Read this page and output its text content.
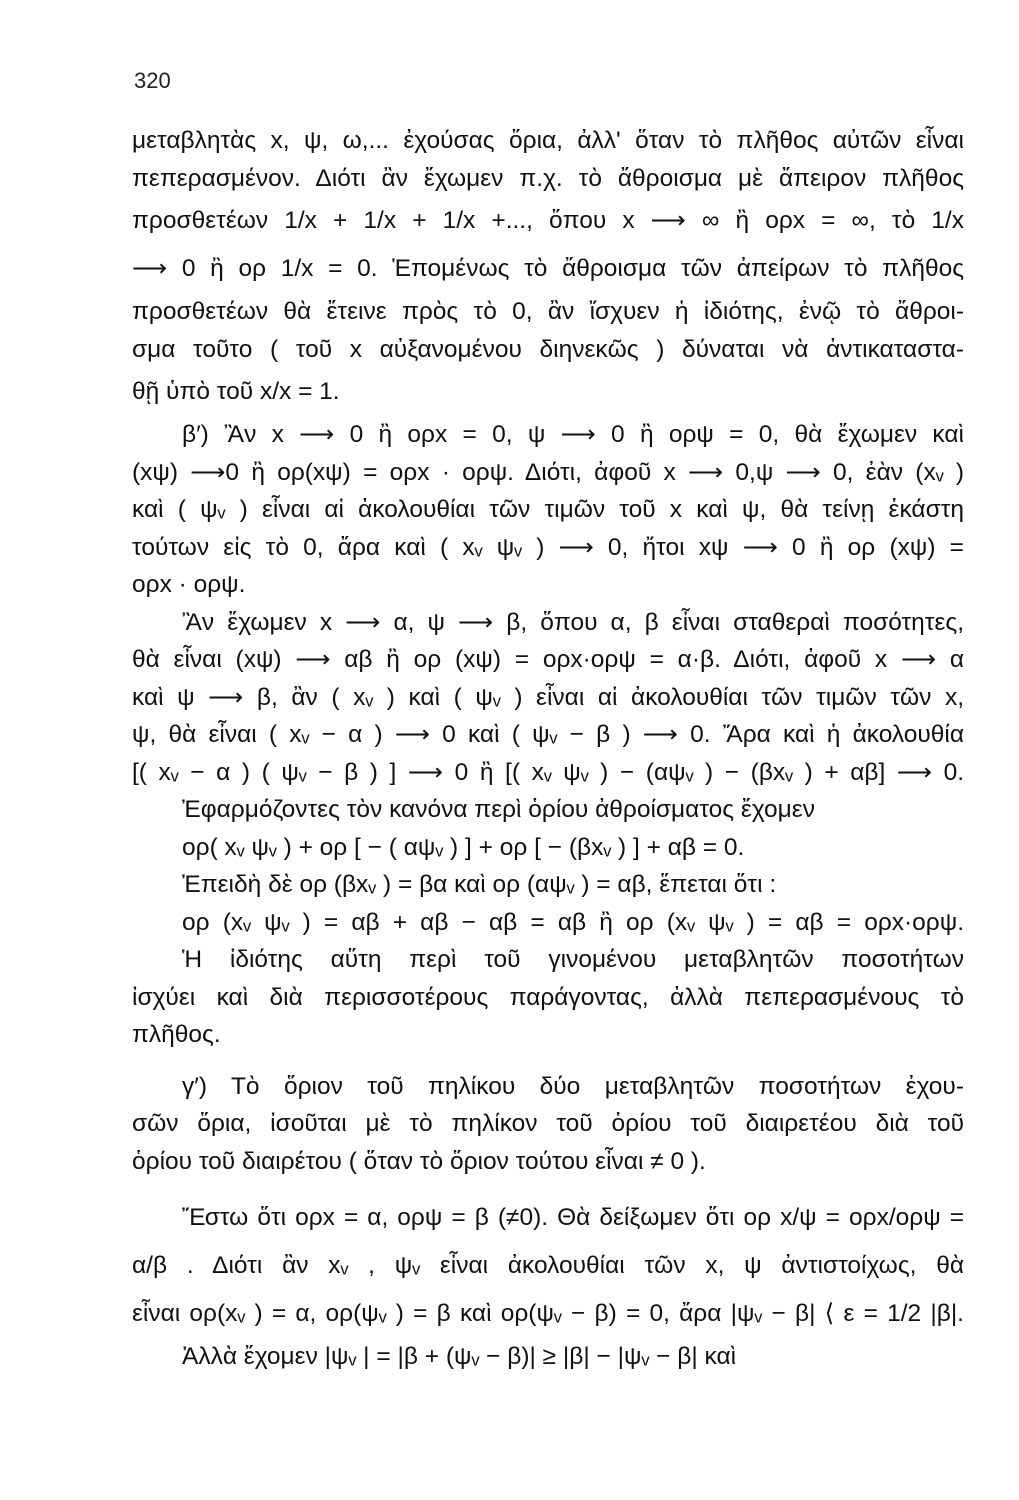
320
μεταβλητὰς x, ψ, ω,... ἐχούσας ὅρια, ἀλλ' ὅταν τὸ πλῆθος αὐτῶν εἶναι
πεπερασμένον. Διότι ἂν ἔχωμεν π.χ. τὸ ἄθροισμα μὲ ἄπειρον πλῆθος
προσθετέων 1/x + 1/x + 1/x +..., ὅπου x ⟶ ∞ ἢ ορx = ∞, τὸ 1/x
⟶ 0 ἢ ορ 1/x = 0. Ἑπομένως τὸ ἄθροισμα τῶν ἀπείρων τὸ πλῆθος
προσθετέων θὰ ἔτεινε πρὸς τὸ 0, ἂν ἴσχυεν ἡ ἰδιότης, ἐνῷ τὸ ἄθροι-
σμα τοῦτο ( τοῦ x αὐξανομένου διηνεκῶς ) δύναται νὰ ἀντικαταστα-
θῇ ὑπὸ τοῦ x/x = 1.
β′) Ἂν x ⟶ 0 ἢ ορx = 0, ψ ⟶ 0 ἢ ορψ = 0, θὰ ἔχωμεν καὶ
(xψ) ⟶0 ἢ ορ(xψ) = ορx · ορψ. Διότι, ἀφοῦ x ⟶ 0,ψ ⟶ 0, ἐὰν (xᵥ )
καὶ ( ψᵥ ) εἶναι αἱ ἀκολουθίαι τῶν τιμῶν τοῦ x καὶ ψ, θὰ τείνῃ ἑκάστη
τούτων εἰς τὸ 0, ἄρα καὶ ( xᵥ ψᵥ ) ⟶ 0, ἤτοι xψ ⟶ 0 ἢ ορ (xψ) =
ορx · ορψ.
Ἂν ἔχωμεν x ⟶ α, ψ ⟶ β, ὅπου α, β εἶναι σταθεραὶ ποσότητες,
θὰ εἶναι (xψ) ⟶ αβ ἢ ορ (xψ) = ορx·ορψ = α·β. Διότι, ἀφοῦ x ⟶ α
καὶ ψ ⟶ β, ἂν ( xᵥ ) καὶ ( ψᵥ ) εἶναι αἱ ἀκολουθίαι τῶν τιμῶν τῶν x,
ψ, θὰ εἶναι ( xᵥ − α ) ⟶ 0 καὶ ( ψᵥ − β ) ⟶ 0. Ἄρα καὶ ἡ ἀκολουθία
[( xᵥ − α ) ( ψᵥ − β ) ] ⟶ 0 ἢ [( xᵥ ψᵥ ) − (αψᵥ ) − (βxᵥ ) + αβ] ⟶ 0.
Ἐφαρμόζοντες τὸν κανόνα περὶ ὁρίου ἀθροίσματος ἔχομεν
ορ( xᵥ ψᵥ ) + ορ [ − ( αψᵥ ) ] + ορ [ − (βxᵥ ) ] + αβ = 0.
Ἐπειδὴ δὲ ορ (βxᵥ ) = βα καὶ ορ (αψᵥ ) = αβ, ἕπεται ὅτι :
ορ (xᵥ ψᵥ ) = αβ + αβ − αβ = αβ ἢ ορ (xᵥ ψᵥ ) = αβ = ορx·ορψ.
Ἡ ἰδιότης αὕτη περὶ τοῦ γινομένου μεταβλητῶν ποσοτήτων
ἰσχύει καὶ διὰ περισσοτέρους παράγοντας, ἀλλὰ πεπερασμένους τὸ
πλῆθος.
γ′) Τὸ ὅριον τοῦ πηλίκου δύο μεταβλητῶν ποσοτήτων ἐχου-
σῶν ὅρια, ἰσοῦται μὲ τὸ πηλίκον τοῦ ὁρίου τοῦ διαιρετέου διὰ τοῦ
ὁρίου τοῦ διαιρέτου ( ὅταν τὸ ὅριον τούτου εἶναι ≠ 0 ).
Ἔστω ὅτι ορx = α, ορψ = β (≠0). Θὰ δείξωμεν ὅτι ορ x/ψ = ορx/ορψ =
α/β . Διότι ἂν xᵥ , ψᵥ εἶναι ἀκολουθίαι τῶν x, ψ ἀντιστοίχως, θὰ
εἶναι ορ(xᵥ ) = α, ορ(ψᵥ ) = β καὶ ορ(ψᵥ − β) = 0, ἄρα |ψᵥ − β| ⟨ ε = 1/2 |β|.
Ἀλλὰ ἔχομεν |ψᵥ | = |β + (ψᵥ − β)| ≥ |β| − |ψᵥ − β| καὶ
